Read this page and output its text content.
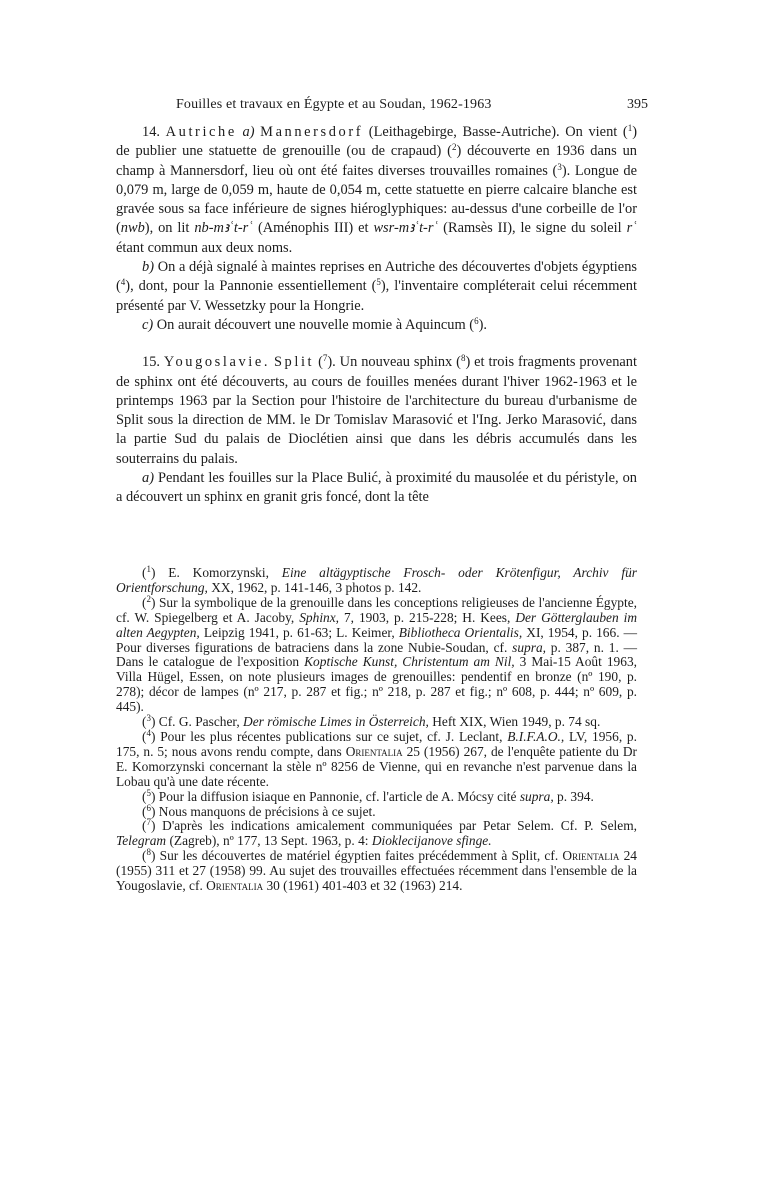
Fouilles et travaux en Égypte et au Soudan, 1962-1963	395

14. Autriche a) Mannersdorf (Leithagebirge, Basse-Autriche). On vient ($^1$) de publier une statuette de grenouille (ou de crapaud) ($^2$) découverte en 1936 dans un champ à Mannersdorf, lieu où ont été faites diverses trouvailles romaines ($^3$). Longue de 0,079 m, large de 0,059 m, haute de 0,054 m, cette statuette en pierre calcaire blanche est gravée sous sa face inférieure de signes hiéroglyphiques: au-dessus d'une corbeille de l'or (nwb), on lit nb-mꜣʿt-rʿ (Aménophis III) et wsr-mꜣʿt-rʿ (Ramsès II), le signe du soleil rʿ étant commun aux deux noms.

b) On a déjà signalé à maintes reprises en Autriche des découvertes d'objets égyptiens ($^4$), dont, pour la Pannonie essentiellement ($^5$), l'inventaire compléterait celui récemment présenté par V. Wessetzky pour la Hongrie.

c) On aurait découvert une nouvelle momie à Aquincum ($^6$).

15. Yougoslavie. Split ($^7$). Un nouveau sphinx ($^8$) et trois fragments provenant de sphinx ont été découverts, au cours de fouilles menées durant l'hiver 1962-1963 et le printemps 1963 par la Section pour l'histoire de l'architecture du bureau d'urbanisme de Split sous la direction de MM. le Dr Tomislav Marasović et l'Ing. Jerko Marasović, dans la partie Sud du palais de Dioclétien ainsi que dans les débris accumulés dans les souterrains du palais.

a) Pendant les fouilles sur la Place Bulić, à proximité du mausolée et du péristyle, on a découvert un sphinx en granit gris foncé, dont la tête

($^1$) E. Komorzynski, Eine altägyptische Frosch- oder Krötenfigur, Archiv für Orientforschung, XX, 1962, p. 141-146, 3 photos p. 142.

($^2$) Sur la symbolique de la grenouille dans les conceptions religieuses de l'ancienne Égypte, cf. W. Spiegelberg et A. Jacoby, Sphinx, 7, 1903, p. 215-228; H. Kees, Der Götterglauben im alten Aegypten, Leipzig 1941, p. 61-63; L. Keimer, Bibliotheca Orientalis, XI, 1954, p. 166. — Pour diverses figurations de batraciens dans la zone Nubie-Soudan, cf. supra, p. 387, n. 1. — Dans le catalogue de l'exposition Koptische Kunst, Christentum am Nil, 3 Mai-15 Août 1963, Villa Hügel, Essen, on note plusieurs images de grenouilles: pendentif en bronze (nº 190, p. 278); décor de lampes (nº 217, p. 287 et fig.; nº 218, p. 287 et fig.; nº 608, p. 444; nº 609, p. 445).

($^3$) Cf. G. Pascher, Der römische Limes in Österreich, Heft XIX, Wien 1949, p. 74 sq.

($^4$) Pour les plus récentes publications sur ce sujet, cf. J. Leclant, B.I.F.A.O., LV, 1956, p. 175, n. 5; nous avons rendu compte, dans Orientalia 25 (1956) 267, de l'enquête patiente du Dr E. Komorzynski concernant la stèle nº 8256 de Vienne, qui en revanche n'est parvenue dans la Lobau qu'à une date récente.

($^5$) Pour la diffusion isiaque en Pannonie, cf. l'article de A. Mócsy cité supra, p. 394.

($^6$) Nous manquons de précisions à ce sujet.

($^7$) D'après les indications amicalement communiquées par Petar Selem. Cf. P. Selem, Telegram (Zagreb), nº 177, 13 Sept. 1963, p. 4: Dioklecijanove sfinge.

($^8$) Sur les découvertes de matériel égyptien faites précédemment à Split, cf. Orientalia 24 (1955) 311 et 27 (1958) 99. Au sujet des trouvailles effectuées récemment dans l'ensemble de la Yougoslavie, cf. Orientalia 30 (1961) 401-403 et 32 (1963) 214.
